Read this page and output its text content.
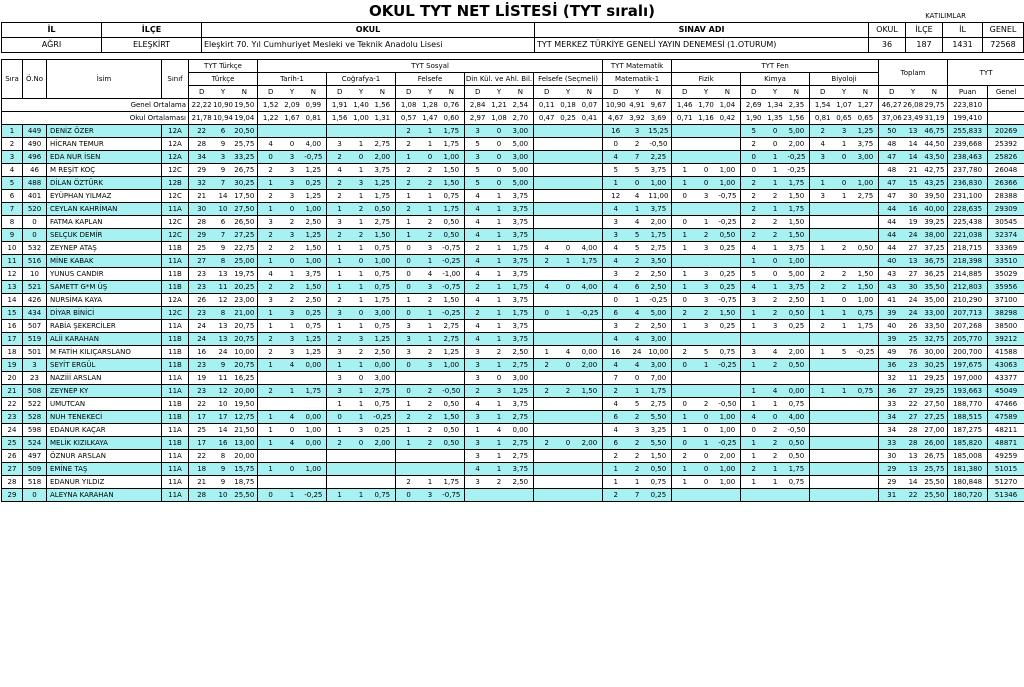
OKUL TYT NET LİSTESİ (TYT sıralı)	KATILIMLAR
İL	İLÇE	OKUL	SINAV ADI	OKUL	İLÇE	İL	GENEL
AĞRI	ELEŞKİRT	Eleşkirt 70. Yıl Cumhuriyet Mesleki ve Teknik Anadolu Lisesi	TYT MERKEZ TÜRKİYE GENELİ YAYIN DENEMESİ (1.OTURUM)	36	187	1431	72568
Sıra	Ö.No	İsim	Sınıf	TYT Türkçe	TYT Sosyal					TYT Matematik	TYT Fen			Toplam	TYT	
				Türkçe	Tarih-1	Coğrafya-1	Felsefe	Din Kül. ve Ahl. Bil.	Felsefe (Seçmeli)	Matematik-1	Fizik	Kimya	Biyoloji			

				D Y N	D Y N	D Y N	D Y N	D Y N	D Y N	D Y N	D Y N	D Y N	D Y N	D Y N	Puan	Genel
Genel Ortalama				22,22 10,90 19,50	1,52 2,09 0,99	1,91 1,40 1,56	1,08 1,28 0,76	2,84 1,21 2,54	0,11 0,18 0,07	10,90 4,91 9,67	1,46 1,70 1,04	2,69 1,34 2,35	1,54 1,07 1,27	46,27 26,08 29,75	223,810	
Okul Ortalaması				21,78 10,94 19,04	1,22 1,67 0,81	1,56 1,00 1,31	0,57 1,47 0,60	2,97 1,08 2,70	0,47 0,25 0,41	4,67 3,92 3,69	0,71 1,16 0,42	1,90 1,35 1,56	0,81 0,65 0,65	37,06 23,49 31,19	199,410	
1	449	DENİZ ÖZER	12A	22 6 20,50			2 1 1,75	3 0 3,00		16 3 15,25		5 0 5,00	2 3 1,25	50 13 46,75	255,833	20269
2	490	HİCRAN TEMUR	12A	28 9 25,75	4 0 4,00	3 1 2,75	2 1 1,75	5 0 5,00		0 2 -0,50		2 0 2,00	4 1 3,75	48 14 44,50	239,668	25392
3	496	EDA NUR İSEN	12A	34 3 33,25	0 3 -0,75	2 0 2,00	1 0 1,00	3 0 3,00		4 7 2,25		0 1 -0,25	3 0 3,00	47 14 43,50	238,463	25826
4	46	M REŞİT KOÇ	12C	29 9 26,75	2 3 1,25	4 1 3,75	2 2 1,50	5 0 5,00		5 5 3,75	1 0 1,00	0 1 -0,25		48 21 42,75	237,780	26048
5	488	DİLAN ÖZTÜRK	12B	32 7 30,25	1 3 0,25	2 3 1,25	2 2 1,50	5 0 5,00		1 0 1,00	1 0 1,00	2 1 1,75	1 0 1,00	47 15 43,25	236,830	26366
6	401	EYÜPHAN YILMAZ	12C	21 14 17,50	2 3 1,25	2 1 1,75	1 1 0,75	4 1 3,75		12 4 11,00	0 3 -0,75	2 2 1,50	3 1 2,75	47 30 39,50	231,100	28388
7	520	CEYLAN KAHRİMAN	11A	30 10 27,50	1 0 1,00	1 2 0,50	2 1 1,75	4 1 3,75		4 1 3,75		2 1 1,75		44 16 40,00	228,635	29309
8	0	FATMA KAPLAN	12C	28 6 26,50	3 2 2,50	3 1 2,75	1 2 0,50	4 1 3,75		3 4 2,00	0 1 -0,25	2 2 1,50		44 19 39,25	225,438	30545
9	0	SELÇUK DEMİR	12C	29 7 27,25	2 3 1,25	2 2 1,50	1 2 0,50	4 1 3,75		3 5 1,75	1 2 0,50	2 2 1,50		44 24 38,00	221,038	32374
10	532	ZEYNEP ATAŞ	11B	25 9 22,75	2 2 1,50	1 1 0,75	0 3 -0,75	2 1 1,75	4 0 4,00	4 5 2,75	1 3 0,25	4 1 3,75	1 2 0,50	44 27 37,25	218,715	33369
11	516	MİNE KABAK	11A	27 8 25,00	1 0 1,00	1 0 1,00	0 1 -0,25	4 1 3,75	2 1 1,75	4 2 3,50		1 0 1,00		40 13 36,75	218,398	33510
12	10	YUNUS CANDIR	11B	23 13 19,75	4 1 3,75	1 1 0,75	0 4 -1,00	4 1 3,75		3 2 2,50	1 3 0,25	5 0 5,00	2 2 1,50	43 27 36,25	214,885	35029
13	521	SAMETT G*M ÜŞ	11B	23 11 20,25	2 2 1,50	1 1 0,75	0 3 -0,75	2 1 1,75	4 0 4,00	4 6 2,50	1 3 0,25	4 1 3,75	2 2 1,50	43 30 35,50	212,803	35956
14	426	NURSİMA KAYA	12A	26 12 23,00	3 2 2,50	2 1 1,75	1 2 1,50	4 1 3,75		0 1 -0,25	0 3 -0,75	3 2 2,50	1 0 1,00	41 24 35,00	210,290	37100
15	434	DİYAR BİNİCİ	12C	23 8 21,00	1 3 0,25	3 0 3,00	0 1 -0,25	2 1 1,75	0 1 -0,25	6 4 5,00	2 2 1,50	1 2 0,50	1 1 0,75	39 24 33,00	207,713	38298
16	507	RABİA ŞEKERCİLER	11A	24 13 20,75	1 1 0,75	1 1 0,75	3 1 2,75	4 1 3,75		3 2 2,50	1 3 0,25	1 3 0,25	2 1 1,75	40 26 33,50	207,268	38500
17	519	ALİİ KARAHAN	11B	24 13 20,75	2 3 1,25	2 3 1,25	3 1 2,75	4 1 3,75		4 4 3,00				39 25 32,75	205,770	39212
18	501	M FATİH KILIÇARSLANO	11B	16 24 10,00	2 3 1,25	3 2 2,50	3 2 1,25	3 2 2,50	1 4 0,00	16 24 10,00	2 5 0,75	3 4 2,00	1 5 -0,25	49 76 30,00	200,700	41588
19	3	SEYİT ERGÜL	11B	23 9 20,75	1 4 0,00	1 1 0,00	0 3 1,00	3 1 2,75	2 0 2,00	4 4 3,00	0 1 -0,25	1 2 0,50		36 23 30,25	197,675	43063
20	23	NAZİİİ ARSLAN	11A	19 11 16,25		3 0 3,00		3 0 3,00		7 0 7,00				32 11 29,25	197,000	43377
21	508	ZEYNEP KY	11A	23 12 20,00	2 1 1,75	3 1 2,75	0 2 -0,50	2 3 1,25	2 2 1,50	2 1 1,75		1 4 0,00	1 1 0,75	36 27 29,25	193,663	45049
22	522	UMUTCAN	11B	22 10 19,50		1 1 0,75	1 2 0,50	4 1 3,75		4 5 2,75	0 2 -0,50	1 1 0,75		33 22 27,50	188,770	47466
23	528	NUH TENEKECİ	11B	17 17 12,75	1 4 0,00	0 1 -0,25	2 2 1,50	3 1 2,75		6 2 5,50	1 0 1,00	4 0 4,00		34 27 27,25	188,515	47589
24	598	EDANUR KAÇAR	11A	25 14 21,50	1 0 1,00	1 3 0,25	1 2 0,50	1 4 0,00		4 3 3,25	1 0 1,00	0 2 -0,50		34 28 27,00	187,275	48211
25	524	MELİK KIZILKAYA	11B	17 16 13,00	1 4 0,00	2 0 2,00	1 2 0,50	3 1 2,75	2 0 2,00	6 2 5,50	0 1 -0,25	1 2 0,50		33 28 26,00	185,820	48871
26	497	ÖZNUR ARSLAN	11A	22 8 20,00				3 1 2,75		2 2 1,50	2 0 2,00	1 2 0,50		30 13 26,75	185,008	49259
27	509	EMİNE TAŞ	11A	18 9 15,75	1 0 1,00			4 1 3,75		1 2 0,50	1 0 1,00	2 1 1,75		29 13 25,75	181,380	51015
28	518	EDANUR YILDIZ	11A	21 9 18,75			2 1 1,75	3 2 2,50		1 1 0,75	1 0 1,00	1 1 0,75		29 14 25,50	180,848	51270
29	0	ALEYNA KARAHAN	11A	28 10 25,50	0 1 -0,25	1 1 0,75	0 3 -0,75			2 7 0,25				31 22 25,50	180,720	51346
